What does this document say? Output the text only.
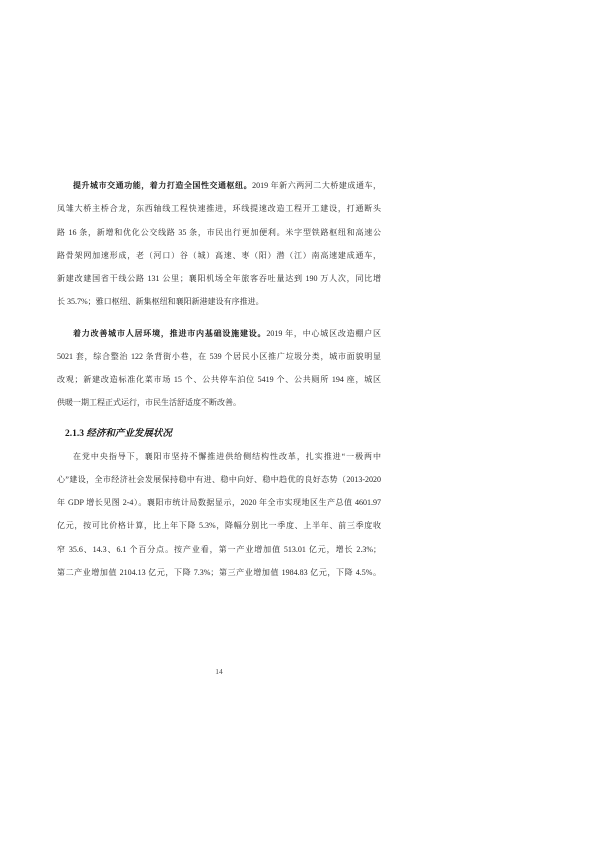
提升城市交通功能，着力打造全国性交通枢纽。2019 年新六两河二大桥建成通车，
凤雏大桥主桥合龙，东西轴线工程快速推进，环线提速改造工程开工建设，打通断头
路 16 条，新增和优化公交线路 35 条，市民出行更加便利。米字型铁路枢纽和高速公
路骨架网加速形成，老（河口）谷（城）高速、枣（阳）潜（江）南高速建成通车，
新建改建国省干线公路 131 公里；襄阳机场全年旅客吞吐量达到 190 万人次，同比增
长 35.7%；雅口枢纽、新集枢纽和襄阳新港建设有序推进。
着力改善城市人居环境，推进市内基础设施建设。2019 年，中心城区改造棚户区
5021 套，综合整治 122 条背街小巷，在 539 个居民小区推广垃圾分类，城市面貌明显
改观；新建改造标准化菜市场 15 个、公共停车泊位 5419 个、公共厕所 194 座，城区
供暖一期工程正式运行，市民生活舒适度不断改善。
2.1.3 经济和产业发展状况
在党中央指导下，襄阳市坚持不懈推进供给侧结构性改革，扎实推进“一极两中
心”建设，全市经济社会发展保持稳中有进、稳中向好、稳中趋优的良好态势（2013-2020
年 GDP 增长见图 2-4）。襄阳市统计局数据显示，2020 年全市实现地区生产总值 4601.97
亿元，按可比价格计算，比上年下降 5.3%，降幅分别比一季度、上半年、前三季度收
窄 35.6、14.3、6.1 个百分点。按产业看，第一产业增加值 513.01 亿元，增长 2.3%；
第二产业增加值 2104.13 亿元，下降 7.3%；第三产业增加值 1984.83 亿元，下降 4.5%。
14
